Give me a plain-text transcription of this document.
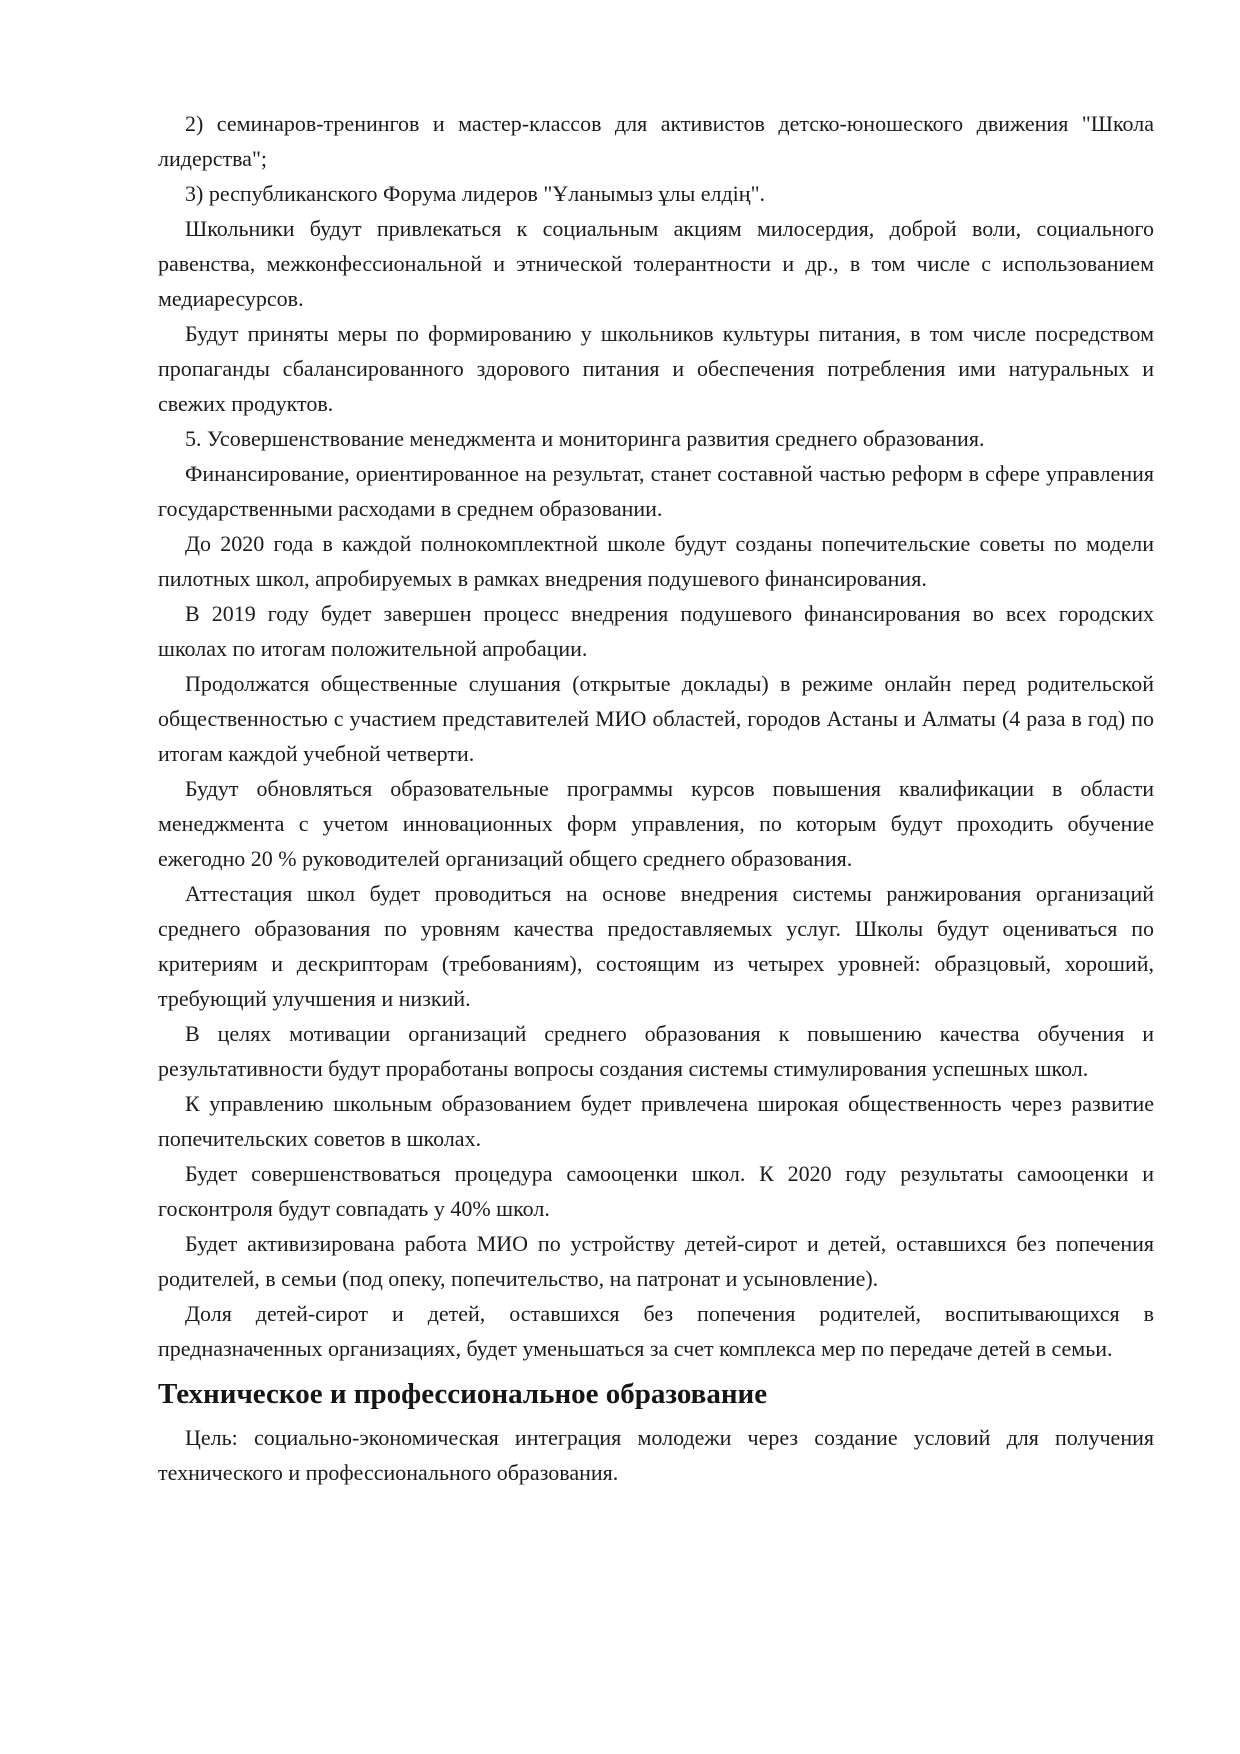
2) семинаров-тренингов и мастер-классов для активистов детско-юношеского движения "Школа лидерства";

3) республиканского Форума лидеров "Ұланымыз ұлы елдің".

Школьники будут привлекаться к социальным акциям милосердия, доброй воли, социального равенства, межконфессиональной и этнической толерантности и др., в том числе с использованием медиаресурсов.

Будут приняты меры по формированию у школьников культуры питания, в том числе посредством пропаганды сбалансированного здорового питания и обеспечения потребления ими натуральных и свежих продуктов.

5. Усовершенствование менеджмента и мониторинга развития среднего образования.

Финансирование, ориентированное на результат, станет составной частью реформ в сфере управления государственными расходами в среднем образовании.

До 2020 года в каждой полнокомплектной школе будут созданы попечительские советы по модели пилотных школ, апробируемых в рамках внедрения подушевого финансирования.

В 2019 году будет завершен процесс внедрения подушевого финансирования во всех городских школах по итогам положительной апробации.

Продолжатся общественные слушания (открытые доклады) в режиме онлайн перед родительской общественностью с участием представителей МИО областей, городов Астаны и Алматы (4 раза в год) по итогам каждой учебной четверти.

Будут обновляться образовательные программы курсов повышения квалификации в области менеджмента с учетом инновационных форм управления, по которым будут проходить обучение ежегодно 20 % руководителей организаций общего среднего образования.

Аттестация школ будет проводиться на основе внедрения системы ранжирования организаций среднего образования по уровням качества предоставляемых услуг. Школы будут оцениваться по критериям и дескрипторам (требованиям), состоящим из четырех уровней: образцовый, хороший, требующий улучшения и низкий.

В целях мотивации организаций среднего образования к повышению качества обучения и результативности будут проработаны вопросы создания системы стимулирования успешных школ.

К управлению школьным образованием будет привлечена широкая общественность через развитие попечительских советов в школах.

Будет совершенствоваться процедура самооценки школ. К 2020 году результаты самооценки и госконтроля будут совпадать у 40% школ.

Будет активизирована работа МИО по устройству детей-сирот и детей, оставшихся без попечения родителей, в семьи (под опеку, попечительство, на патронат и усыновление).

Доля детей-сирот и детей, оставшихся без попечения родителей, воспитывающихся в предназначенных организациях, будет уменьшаться за счет комплекса мер по передаче детей в семьи.

Техническое и профессиональное образование

Цель: социально-экономическая интеграция молодежи через создание условий для получения технического и профессионального образования.
